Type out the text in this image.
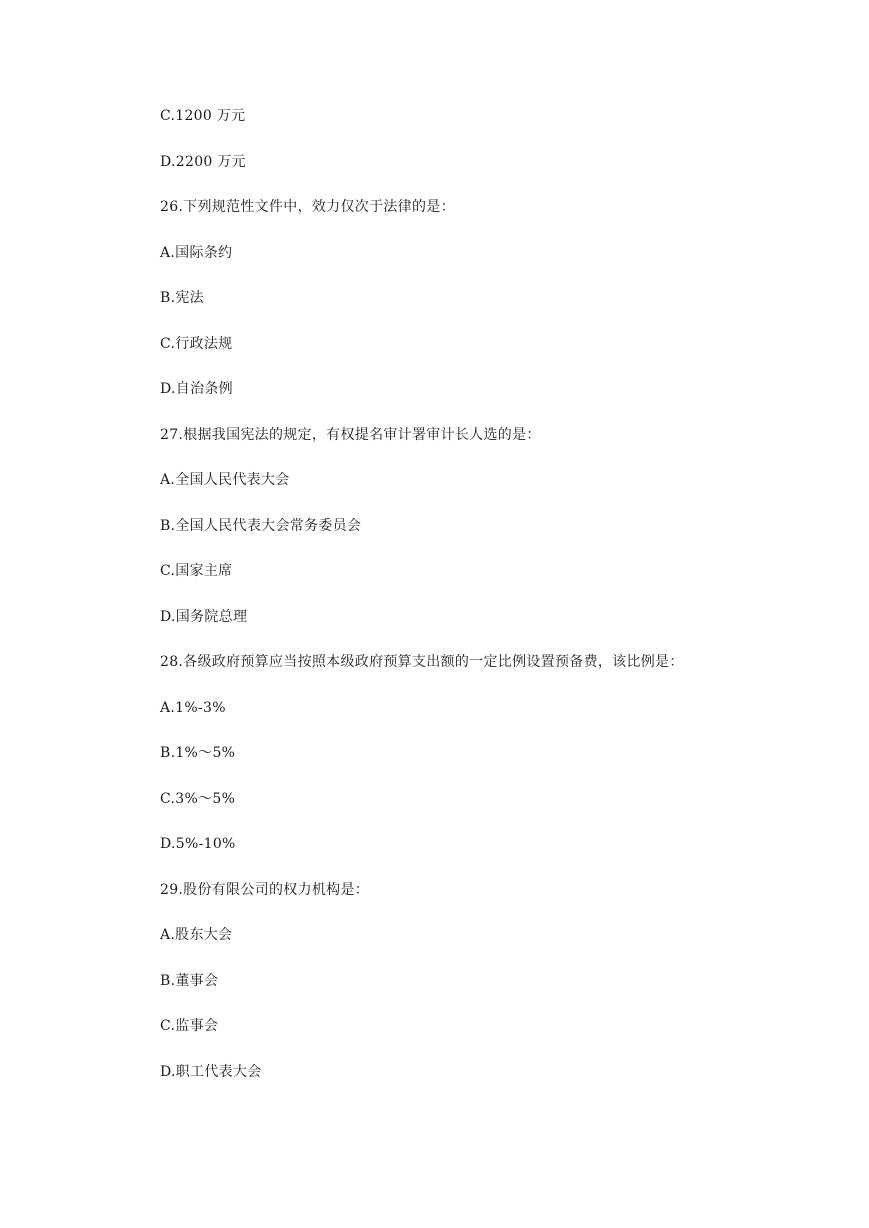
C.1200 万元
D.2200 万元
26.下列规范性文件中，效力仅次于法律的是：
A.国际条约
B.宪法
C.行政法规
D.自治条例
27.根据我国宪法的规定，有权提名审计署审计长人选的是：
A.全国人民代表大会
B.全国人民代表大会常务委员会
C.国家主席
D.国务院总理
28.各级政府预算应当按照本级政府预算支出额的一定比例设置预备费，该比例是：
A.1%-3%
B.1%～5%
C.3%～5%
D.5%-10%
29.股份有限公司的权力机构是：
A.股东大会
B.董事会
C.监事会
D.职工代表大会
